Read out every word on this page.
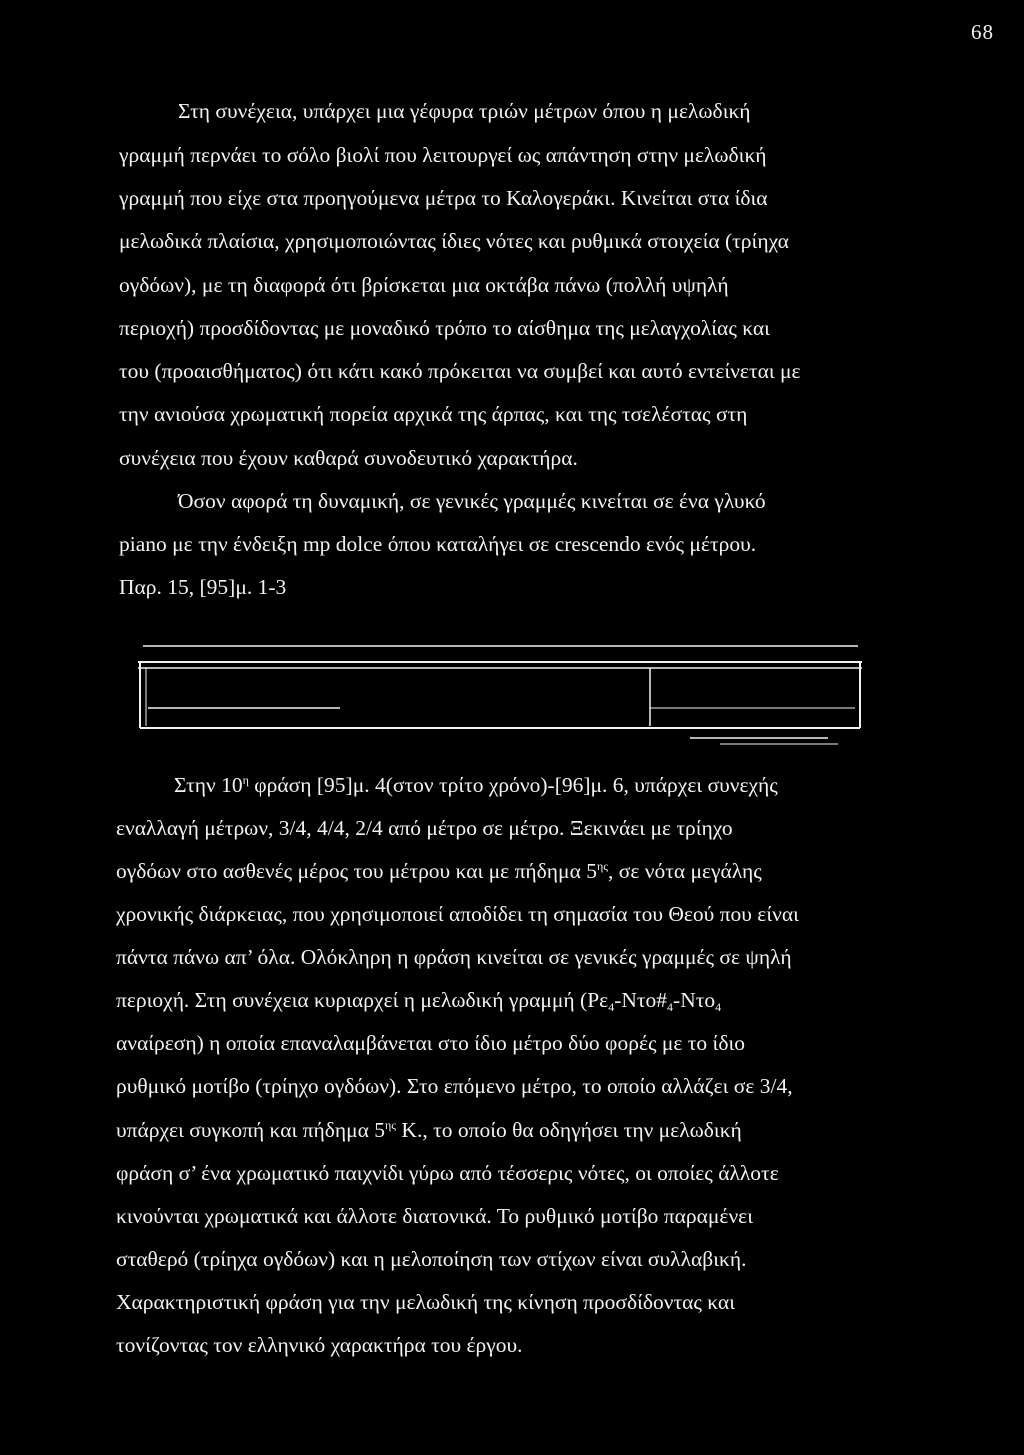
68
Στη συνέχεια, υπάρχει μια γέφυρα τριών μέτρων όπου η μελωδική
γραμμή περνάει το σόλο βιολί που λειτουργεί ως απάντηση στην μελωδική
γραμμή που είχε στα προηγούμενα μέτρα το Καλογεράκι. Κινείται στα ίδια
μελωδικά πλαίσια, χρησιμοποιώντας ίδιες νότες και ρυθμικά στοιχεία (τρίηχα
ογδόων), με τη διαφορά ότι βρίσκεται μια οκτάβα πάνω (πολλή υψηλή
περιοχή) προσδίδοντας με μοναδικό τρόπο το αίσθημα της μελαγχολίας και
του (προαισθήματος) ότι κάτι κακό πρόκειται να συμβεί και αυτό εντείνεται με
την ανιούσα χρωματική πορεία αρχικά της άρπας, και της τσελέστας στη
συνέχεια που έχουν καθαρά συνοδευτικό χαρακτήρα.
Όσον αφορά τη δυναμική, σε γενικές γραμμές κινείται σε ένα γλυκό
piano με την ένδειξη mp dolce όπου καταλήγει σε crescendo ενός μέτρου.
Παρ. 15, [95]μ. 1-3
Στην $10^\eta$ φράση [95]μ. 4(στον τρίτο χρόνο)-[96]μ. 6, υπάρχει συνεχής
εναλλαγή μέτρων, 3/4, 4/4, 2/4 από μέτρο σε μέτρο. Ξεκινάει με τρίηχο
ογδόων στο ασθενές μέρος του μέτρου και με πήδημα $5^{\eta\varsigma}$, σε νότα μεγάλης
χρονικής διάρκειας, που χρησιμοποιεί αποδίδει τη σημασία του Θεού που είναι
πάντα πάνω απ’ όλα. Ολόκληρη η φράση κινείται σε γενικές γραμμές σε ψηλή
περιοχή. Στη συνέχεια κυριαρχεί η μελωδική γραμμή ($P\varepsilon_4-N\tau o\#_4-N\tau o_4$
αναίρεση) η οποία επαναλαμβάνεται στο ίδιο μέτρο δύο φορές με το ίδιο
ρυθμικό μοτίβο (τρίηχο ογδόων). Στο επόμενο μέτρο, το οποίο αλλάζει σε 3/4,
υπάρχει συγκοπή και πήδημα $5^{\eta\varsigma}$ Κ., το οποίο θα οδηγήσει την μελωδική
φράση σ’ ένα χρωματικό παιχνίδι γύρω από τέσσερις νότες, οι οποίες άλλοτε
κινούνται χρωματικά και άλλοτε διατονικά. Το ρυθμικό μοτίβο παραμένει
σταθερό (τρίηχα ογδόων) και η μελοποίηση των στίχων είναι συλλαβική.
Χαρακτηριστική φράση για την μελωδική της κίνηση προσδίδοντας και
τονίζοντας τον ελληνικό χαρακτήρα του έργου.
